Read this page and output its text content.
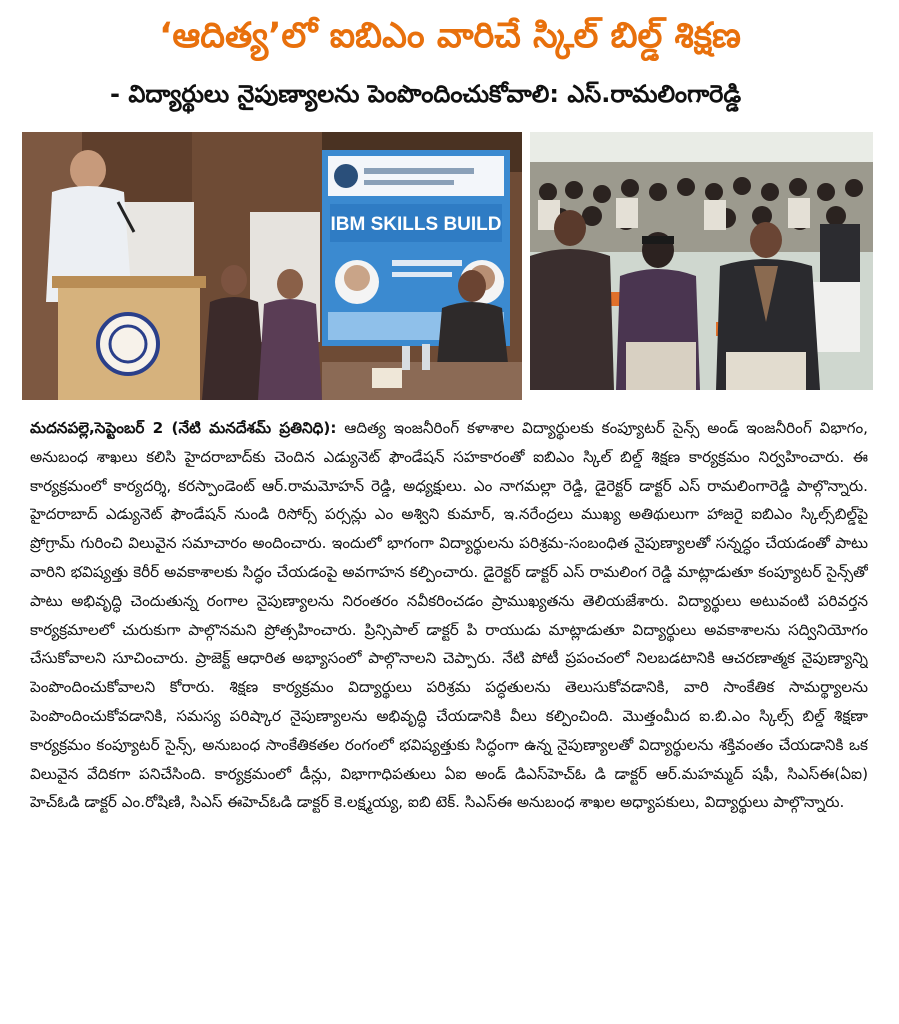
‘ఆదిత్య’లో ఐబిఎం వారిచే స్కిల్ బిల్డ్ శిక్షణ
- విద్యార్థులు నైపుణ్యాలను పెంపొందించుకోవాలి: ఎస్.రామలింగారెడ్డి
IBM SKILLS BUILD

మదనపల్లె,సెప్టెంబర్ 2 (నేటి మనదేశమ్ ప్రతినిధి): ఆదిత్య ఇంజనీరింగ్ కళాశాల విద్యార్థులకు కంప్యూటర్ సైన్స్ అండ్ ఇంజనీరింగ్ విభాగం, అనుబంధ శాఖలు కలిసి హైదరాబాద్‌కు చెందిన ఎడ్యునెట్ ఫౌండేషన్ సహకారంతో ఐబిఎం స్కిల్ బిల్డ్ శిక్షణ కార్యక్రమం నిర్వహించారు. ఈ కార్యక్రమంలో కార్యదర్శి, కరస్పాండెంట్ ఆర్.రామమోహన్ రెడ్డి, అధ్యక్షులు. ఎం నాగమల్లా రెడ్డి, డైరెక్టర్ డాక్టర్ ఎస్ రామలింగారెడ్డి పాల్గొన్నారు. హైదరాబాద్ ఎడ్యునెట్ ఫౌండేషన్ నుండి రిసోర్స్ పర్సన్లు ఎం అశ్విని కుమార్, ఇ.నరేంద్రలు ముఖ్య అతిథులుగా హాజరై ఐబిఎం స్కిల్స్‌బిల్డ్‌పై ప్రోగ్రామ్ గురించి విలువైన సమాచారం అందించారు. ఇందులో భాగంగా విద్యార్థులను పరిశ్రమ-సంబంధిత నైపుణ్యాలతో సన్నద్ధం చేయడంతో పాటు వారిని భవిష్యత్తు కెరీర్ అవకాశాలకు సిద్ధం చేయడంపై అవగాహన కల్పించారు. డైరెక్టర్ డాక్టర్ ఎస్ రామలింగ రెడ్డి మాట్లాడుతూ కంప్యూటర్ సైన్స్‌తో పాటు అభివృద్ధి చెందుతున్న రంగాల నైపుణ్యాలను నిరంతరం నవీకరించడం ప్రాముఖ్యతను తెలియజేశారు. విద్యార్థులు అటువంటి పరివర్తన కార్యక్రమాలలో చురుకుగా పాల్గొనమని ప్రోత్సహించారు. ప్రిన్సిపాల్ డాక్టర్ పి రాయుడు మాట్లాడుతూ విద్యార్థులు అవకాశాలను సద్వినియోగం చేసుకోవాలని సూచించారు. ప్రాజెక్ట్ ఆధారిత అభ్యాసంలో పాల్గొనాలని చెప్పారు. నేటి పోటీ ప్రపంచంలో నిలబడటానికి ఆచరణాత్మక నైపుణ్యాన్ని పెంపొందించుకోవాలని కోరారు. శిక్షణ కార్యక్రమం విద్యార్థులు పరిశ్రమ పద్ధతులను తెలుసుకోవడానికి, వారి సాంకేతిక సామర్థ్యాలను పెంపొందించుకోవడానికి, సమస్య పరిష్కార నైపుణ్యాలను అభివృద్ధి చేయడానికి వీలు కల్పించింది. మొత్తంమీద ఐ.బి.ఎం స్కిల్స్ బిల్డ్ శిక్షణా కార్యక్రమం కంప్యూటర్ సైన్స్, అనుబంధ సాంకేతికతల రంగంలో భవిష్యత్తుకు సిద్ధంగా ఉన్న నైపుణ్యాలతో విద్యార్థులను శక్తివంతం చేయడానికి ఒక విలువైన వేదికగా పనిచేసింది. కార్యక్రమంలో డీన్లు, విభాగాధిపతులు ఏఐ అండ్ డిఎస్‌హెచ్ఓ డి డాక్టర్ ఆర్.మహమ్మద్ షఫీ, సిఎస్ఈ(ఏఐ) హెచ్ఓడి డాక్టర్ ఎం.రోషిణి, సిఎస్ ఈహెచ్ఓడి డాక్టర్ కె.లక్ష్మయ్య, ఐబి టెక్. సిఎస్ఈ అనుబంధ శాఖల అధ్యాపకులు, విద్యార్థులు పాల్గొన్నారు.
